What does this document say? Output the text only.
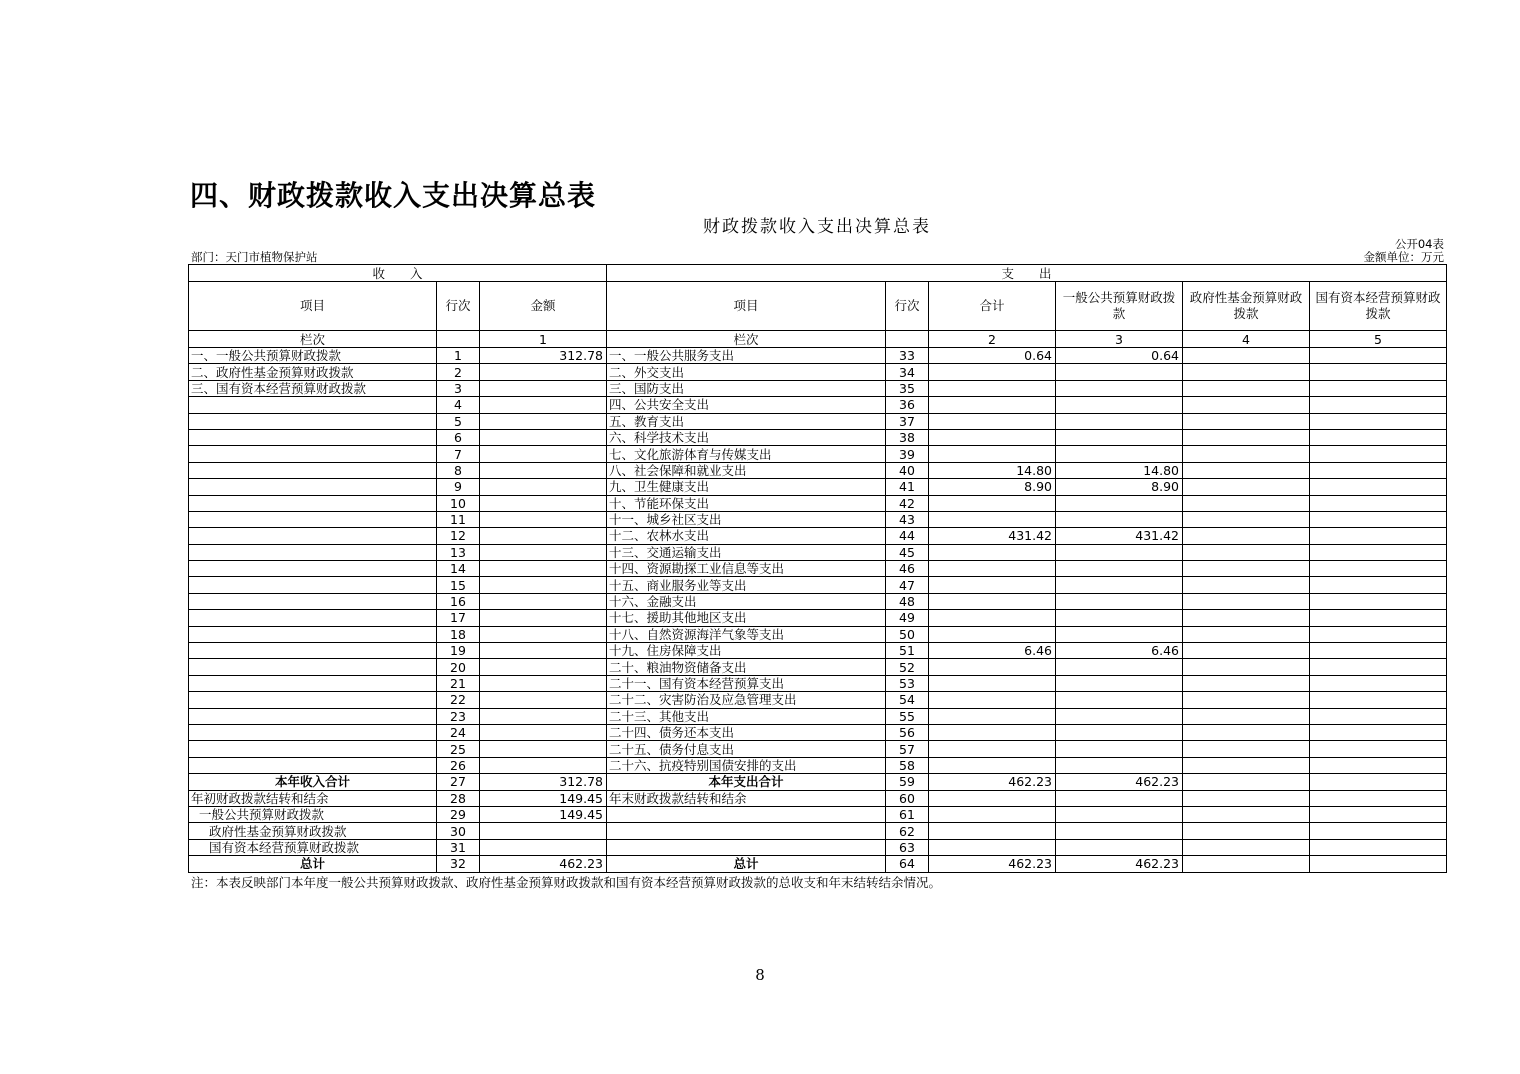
四、财政拨款收入支出决算总表
财政拨款收入支出决算总表
公开04表
部门：天门市植物保护站	金额单位：万元
收　　入			支　　出					
项目	行次	金额	项目	行次	合计	一般公共预算财政拨款	政府性基金预算财政拨款	国有资本经营预算财政拨款
栏次		1	栏次		2	3	4	5
一、一般公共预算财政拨款	1	312.78	一、一般公共服务支出	33	0.64	0.64		
二、政府性基金预算财政拨款	2		二、外交支出	34				
三、国有资本经营预算财政拨款	3		三、国防支出	35				
	4		四、公共安全支出	36				
	5		五、教育支出	37				
	6		六、科学技术支出	38				
	7		七、文化旅游体育与传媒支出	39				
	8		八、社会保障和就业支出	40	14.80	14.80		
	9		九、卫生健康支出	41	8.90	8.90		
	10		十、节能环保支出	42				
	11		十一、城乡社区支出	43				
	12		十二、农林水支出	44	431.42	431.42		
	13		十三、交通运输支出	45				
	14		十四、资源勘探工业信息等支出	46				
	15		十五、商业服务业等支出	47				
	16		十六、金融支出	48				
	17		十七、援助其他地区支出	49				
	18		十八、自然资源海洋气象等支出	50				
	19		十九、住房保障支出	51	6.46	6.46		
	20		二十、粮油物资储备支出	52				
	21		二十一、国有资本经营预算支出	53				
	22		二十二、灾害防治及应急管理支出	54				
	23		二十三、其他支出	55				
	24		二十四、债务还本支出	56				
	25		二十五、债务付息支出	57				
	26		二十六、抗疫特别国债安排的支出	58				
本年收入合计	27	312.78	本年支出合计	59	462.23	462.23		
年初财政拨款结转和结余	28	149.45	年末财政拨款结转和结余	60				
一般公共预算财政拨款	29	149.45		61				
政府性基金预算财政拨款	30			62				
国有资本经营预算财政拨款	31			63				
总计	32	462.23	总计	64	462.23	462.23		
注：本表反映部门本年度一般公共预算财政拨款、政府性基金预算财政拨款和国有资本经营预算财政拨款的总收支和年末结转结余情况。
8
